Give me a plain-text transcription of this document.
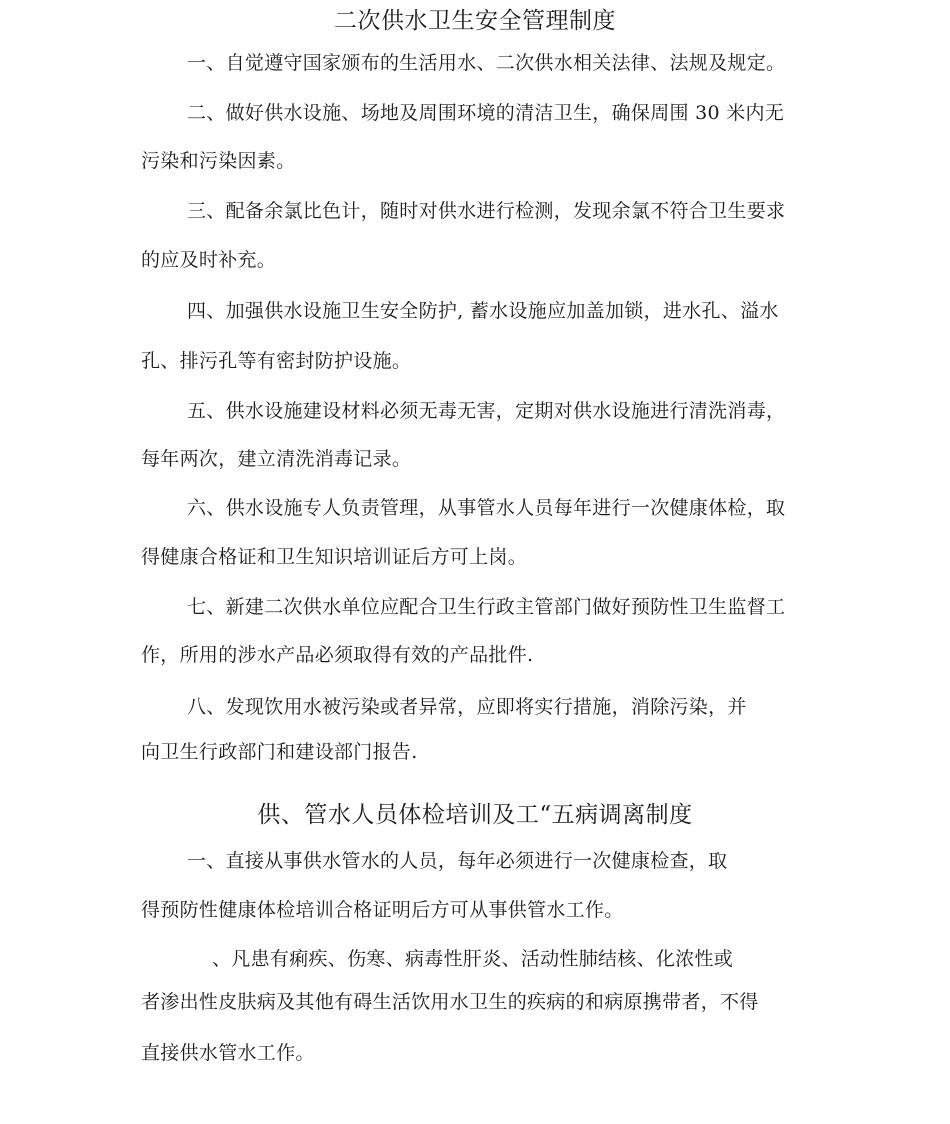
二次供水卫生安全管理制度
一、自觉遵守国家颁布的生活用水、二次供水相关法律、法规及规定。
二、做好供水设施、场地及周围环境的清洁卫生，确保周围 30 米内无
污染和污染因素。
三、配备余氯比色计，随时对供水进行检测，发现余氯不符合卫生要求
的应及时补充。
四、加强供水设施卫生安全防护, 蓄水设施应加盖加锁，进水孔、溢水
孔、排污孔等有密封防护设施。
五、供水设施建设材料必须无毒无害，定期对供水设施进行清洗消毒，
每年两次，建立清洗消毒记录。
六、供水设施专人负责管理，从事管水人员每年进行一次健康体检，取
得健康合格证和卫生知识培训证后方可上岗。
七、新建二次供水单位应配合卫生行政主管部门做好预防性卫生监督工
作，所用的涉水产品必须取得有效的产品批件.
八、发现饮用水被污染或者异常，应即将实行措施，消除污染，并
向卫生行政部门和建设部门报告.
供、管水人员体检培训及工“五病调离制度
一、直接从事供水管水的人员，每年必须进行一次健康检查，取
得预防性健康体检培训合格证明后方可从事供管水工作。
、凡患有痢疾、伤寒、病毒性肝炎、活动性肺结核、化浓性或
者渗出性皮肤病及其他有碍生活饮用水卫生的疾病的和病原携带者，不得
直接供水管水工作。
